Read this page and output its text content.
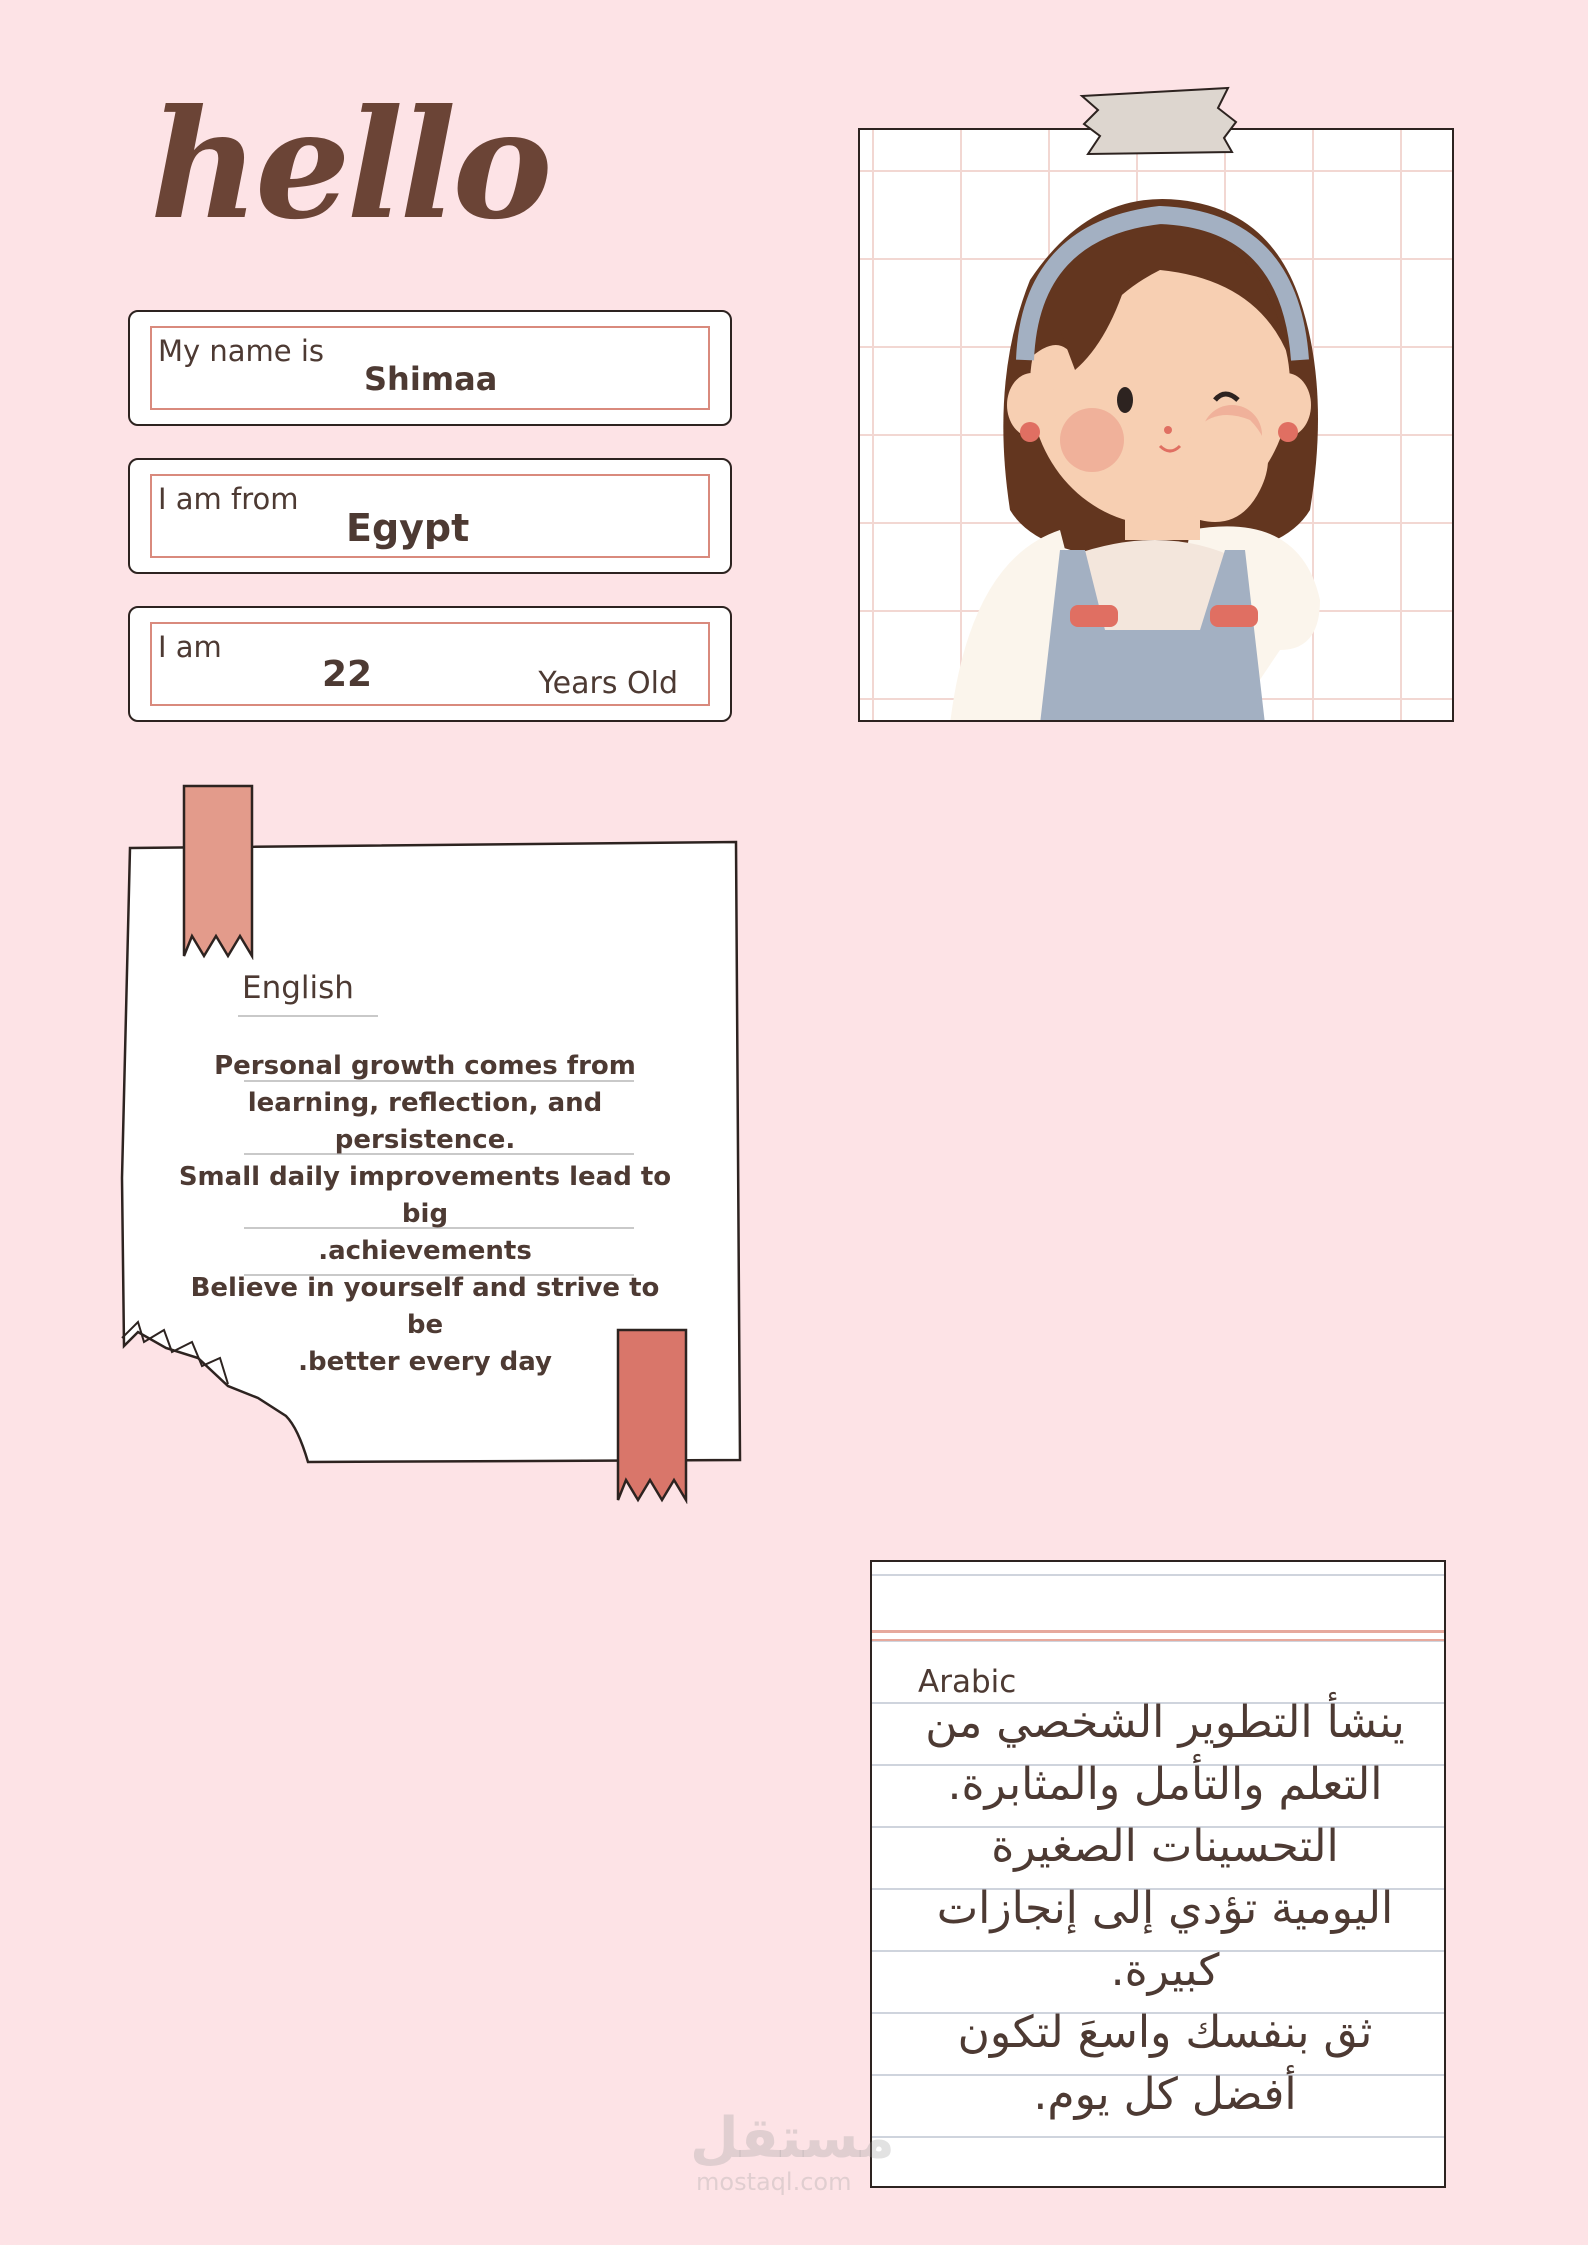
hello
My name is
Shimaa
I am from
Egypt
I am
22	Years Old
English
Personal growth comes from
learning, reflection, and persistence.
Small daily improvements lead to big
.achievements
Believe in yourself and strive to be
.better every day
Arabic
ينشأ التطوير الشخصي من
التعلم والتأمل والمثابرة.
التحسينات الصغيرة
اليومية تؤدي إلى إنجازات
كبيرة.
ثق بنفسك واسعَ لتكون
أفضل كل يوم.
مستقل
mostaql.com
